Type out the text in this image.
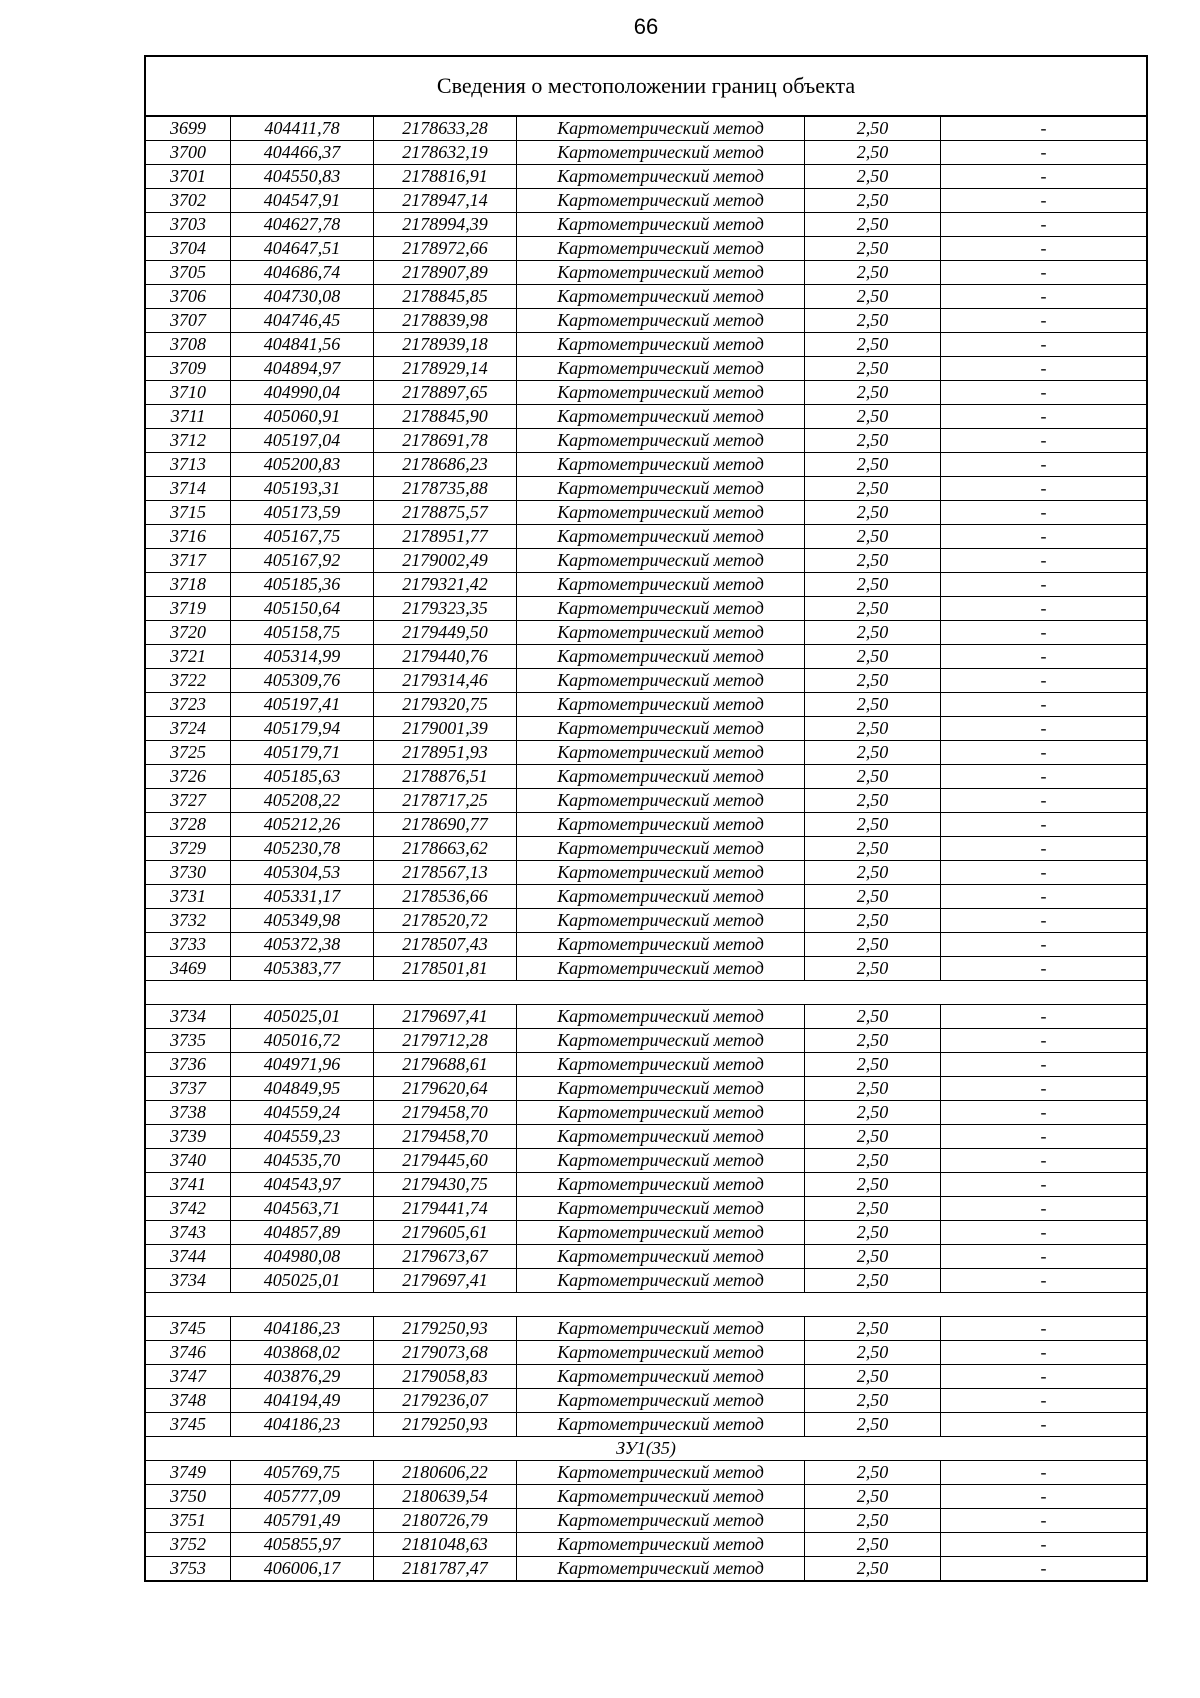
66
Сведения о местоположении границ объекта
3699	404411,78	2178633,28	Картометрический метод	2,50	-
3700	404466,37	2178632,19	Картометрический метод	2,50	-
3701	404550,83	2178816,91	Картометрический метод	2,50	-
3702	404547,91	2178947,14	Картометрический метод	2,50	-
3703	404627,78	2178994,39	Картометрический метод	2,50	-
3704	404647,51	2178972,66	Картометрический метод	2,50	-
3705	404686,74	2178907,89	Картометрический метод	2,50	-
3706	404730,08	2178845,85	Картометрический метод	2,50	-
3707	404746,45	2178839,98	Картометрический метод	2,50	-
3708	404841,56	2178939,18	Картометрический метод	2,50	-
3709	404894,97	2178929,14	Картометрический метод	2,50	-
3710	404990,04	2178897,65	Картометрический метод	2,50	-
3711	405060,91	2178845,90	Картометрический метод	2,50	-
3712	405197,04	2178691,78	Картометрический метод	2,50	-
3713	405200,83	2178686,23	Картометрический метод	2,50	-
3714	405193,31	2178735,88	Картометрический метод	2,50	-
3715	405173,59	2178875,57	Картометрический метод	2,50	-
3716	405167,75	2178951,77	Картометрический метод	2,50	-
3717	405167,92	2179002,49	Картометрический метод	2,50	-
3718	405185,36	2179321,42	Картометрический метод	2,50	-
3719	405150,64	2179323,35	Картометрический метод	2,50	-
3720	405158,75	2179449,50	Картометрический метод	2,50	-
3721	405314,99	2179440,76	Картометрический метод	2,50	-
3722	405309,76	2179314,46	Картометрический метод	2,50	-
3723	405197,41	2179320,75	Картометрический метод	2,50	-
3724	405179,94	2179001,39	Картометрический метод	2,50	-
3725	405179,71	2178951,93	Картометрический метод	2,50	-
3726	405185,63	2178876,51	Картометрический метод	2,50	-
3727	405208,22	2178717,25	Картометрический метод	2,50	-
3728	405212,26	2178690,77	Картометрический метод	2,50	-
3729	405230,78	2178663,62	Картометрический метод	2,50	-
3730	405304,53	2178567,13	Картометрический метод	2,50	-
3731	405331,17	2178536,66	Картометрический метод	2,50	-
3732	405349,98	2178520,72	Картометрический метод	2,50	-
3733	405372,38	2178507,43	Картометрический метод	2,50	-
3469	405383,77	2178501,81	Картометрический метод	2,50	-

3734	405025,01	2179697,41	Картометрический метод	2,50	-
3735	405016,72	2179712,28	Картометрический метод	2,50	-
3736	404971,96	2179688,61	Картометрический метод	2,50	-
3737	404849,95	2179620,64	Картометрический метод	2,50	-
3738	404559,24	2179458,70	Картометрический метод	2,50	-
3739	404559,23	2179458,70	Картометрический метод	2,50	-
3740	404535,70	2179445,60	Картометрический метод	2,50	-
3741	404543,97	2179430,75	Картометрический метод	2,50	-
3742	404563,71	2179441,74	Картометрический метод	2,50	-
3743	404857,89	2179605,61	Картометрический метод	2,50	-
3744	404980,08	2179673,67	Картометрический метод	2,50	-
3734	405025,01	2179697,41	Картометрический метод	2,50	-

3745	404186,23	2179250,93	Картометрический метод	2,50	-
3746	403868,02	2179073,68	Картометрический метод	2,50	-
3747	403876,29	2179058,83	Картометрический метод	2,50	-
3748	404194,49	2179236,07	Картометрический метод	2,50	-
3745	404186,23	2179250,93	Картометрический метод	2,50	-
ЗУ1(35)					
3749	405769,75	2180606,22	Картометрический метод	2,50	-
3750	405777,09	2180639,54	Картометрический метод	2,50	-
3751	405791,49	2180726,79	Картометрический метод	2,50	-
3752	405855,97	2181048,63	Картометрический метод	2,50	-
3753	406006,17	2181787,47	Картометрический метод	2,50	-
